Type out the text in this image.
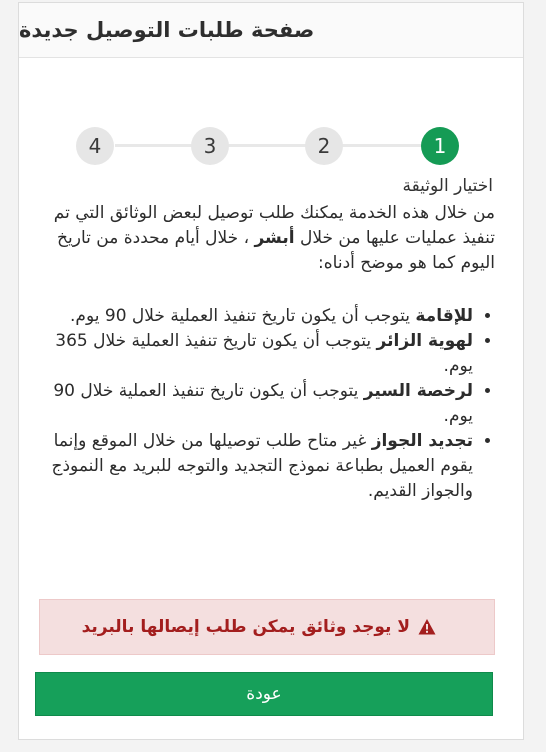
صفحة طلبات التوصيل جديدة
1
2
3
4
اختيار الوثيقة
من خلال هذه الخدمة يمكنك طلب توصيل لبعض الوثائق التي تم تنفيذ عمليات عليها من خلال أبشر ، خلال أيام محددة من تاريخ اليوم كما هو موضح أدناه:
• للإقامة يتوجب أن يكون تاريخ تنفيذ العملية خلال 90 يوم.
• لهوية الزائر يتوجب أن يكون تاريخ تنفيذ العملية خلال 365 يوم.
• لرخصة السير يتوجب أن يكون تاريخ تنفيذ العملية خلال 90 يوم.
• تجديد الجواز غير متاح طلب توصيلها من خلال الموقع وإنما يقوم العميل بطباعة نموذج التجديد والتوجه للبريد مع النموذج والجواز القديم.
لا يوجد وثائق يمكن طلب إيصالها بالبريد
عودة
